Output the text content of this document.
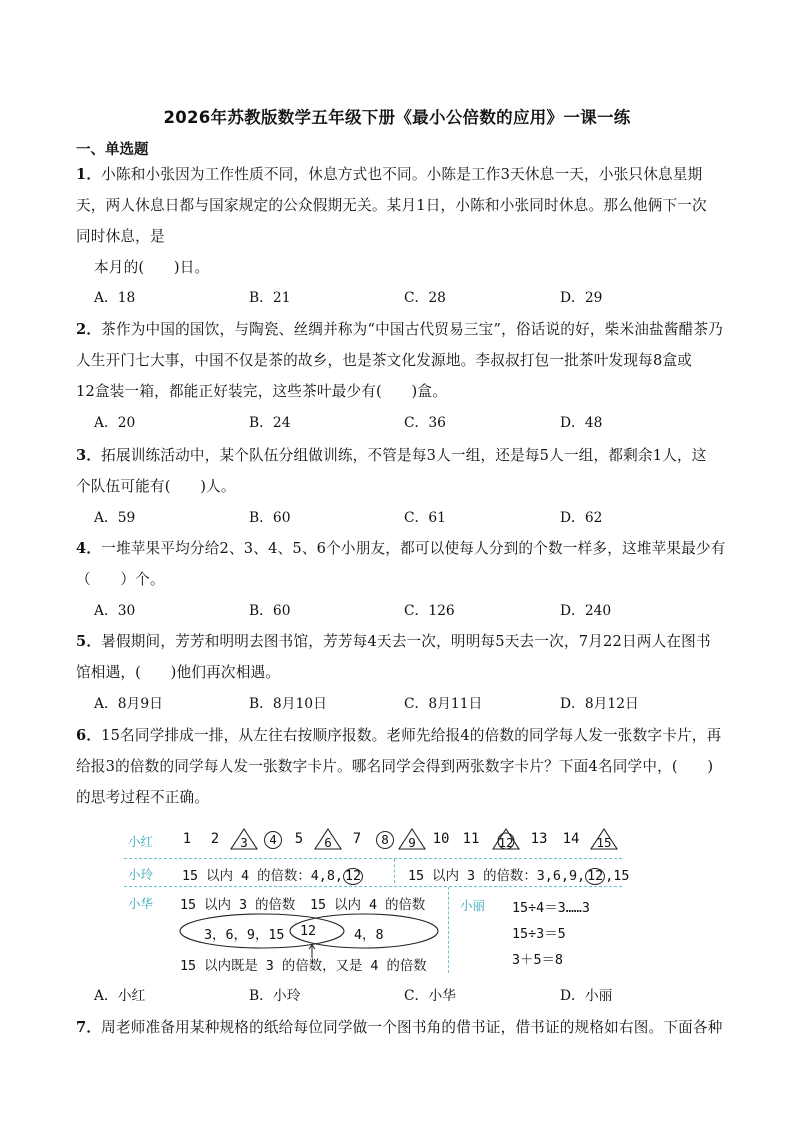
2026年苏教版数学五年级下册《最小公倍数的应用》一课一练
一、单选题
1．小陈和小张因为工作性质不同，休息方式也不同。小陈是工作3天休息一天，小张只休息星期
天，两人休息日都与国家规定的公众假期无关。某月1日，小陈和小张同时休息。那么他俩下一次
同时休息，是
本月的(　　)日。
A．18	B．21	C．28	D．29
2．茶作为中国的国饮，与陶瓷、丝绸并称为“中国古代贸易三宝”，俗话说的好，柴米油盐酱醋茶乃
人生开门七大事，中国不仅是茶的故乡，也是茶文化发源地。李叔叔打包一批茶叶发现每8盒或
12盒装一箱，都能正好装完，这些茶叶最少有(　　)盒。
A．20	B．24	C．36	D．48
3．拓展训练活动中，某个队伍分组做训练，不管是每3人一组，还是每5人一组，都剩余1人，这
个队伍可能有(　　)人。
A．59	B．60	C．61	D．62
4．一堆苹果平均分给2、3、4、5、6个小朋友，都可以使每人分到的个数一样多，这堆苹果最少有
（　　）个。
A．30	B．60	C．126	D．240
5．暑假期间，芳芳和明明去图书馆，芳芳每4天去一次，明明每5天去一次，7月22日两人在图书
馆相遇，(　　)他们再次相遇。
A．8月9日	B．8月10日	C．8月11日	D．8月12日
6．15名同学排成一排，从左往右按顺序报数。老师先给报4的倍数的同学每人发一张数字卡片，再
给报3的倍数的同学每人发一张数字卡片。哪名同学会得到两张数字卡片？下面4名同学中，(　　)
的思考过程不正确。
小红	1	2	3	4	5	6	7	8	9	10 11	12	13 14	15
小玲 15 以内 4 的倍数：4,8, 12	15 以内 3 的倍数：3,6,9, 12 ,15
小华 15 以内 3 的倍数 15 以内 4 的倍数
3，6，9，15 12	4，8
15 以内既是 3 的倍数，又是 4 的倍数
小丽 15÷4＝3……3
15÷3＝5
3＋5＝8
A．小红	B．小玲	C．小华	D．小丽
7．周老师准备用某种规格的纸给每位同学做一个图书角的借书证，借书证的规格如右图。下面各种
